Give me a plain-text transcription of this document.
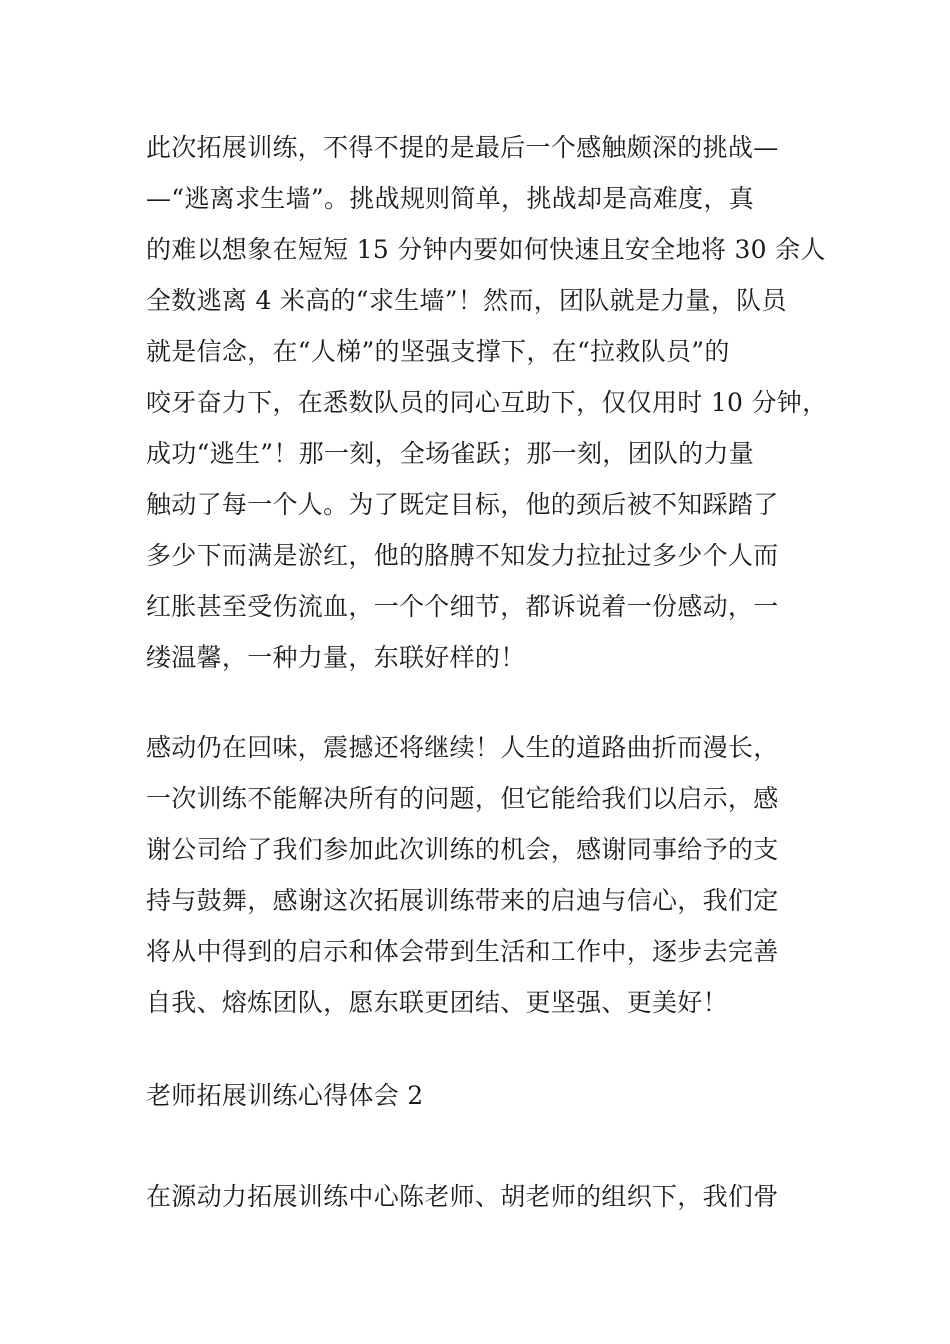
此次拓展训练，不得不提的是最后一个感触颇深的挑战—
—“逃离求生墙”。挑战规则简单，挑战却是高难度，真
的难以想象在短短 15 分钟内要如何快速且安全地将 30 余人
全数逃离 4 米高的“求生墙”！然而，团队就是力量，队员
就是信念，在“人梯”的坚强支撑下，在“拉救队员”的
咬牙奋力下，在悉数队员的同心互助下，仅仅用时 10 分钟，
成功“逃生”！那一刻，全场雀跃；那一刻，团队的力量
触动了每一个人。为了既定目标，他的颈后被不知踩踏了
多少下而满是淤红，他的胳膊不知发力拉扯过多少个人而
红胀甚至受伤流血，一个个细节，都诉说着一份感动，一
缕温馨，一种力量，东联好样的！
感动仍在回味，震撼还将继续！人生的道路曲折而漫长，
一次训练不能解决所有的问题，但它能给我们以启示，感
谢公司给了我们参加此次训练的机会，感谢同事给予的支
持与鼓舞，感谢这次拓展训练带来的启迪与信心，我们定
将从中得到的启示和体会带到生活和工作中，逐步去完善
自我、熔炼团队，愿东联更团结、更坚强、更美好！
老师拓展训练心得体会 2
在源动力拓展训练中心陈老师、胡老师的组织下，我们骨
